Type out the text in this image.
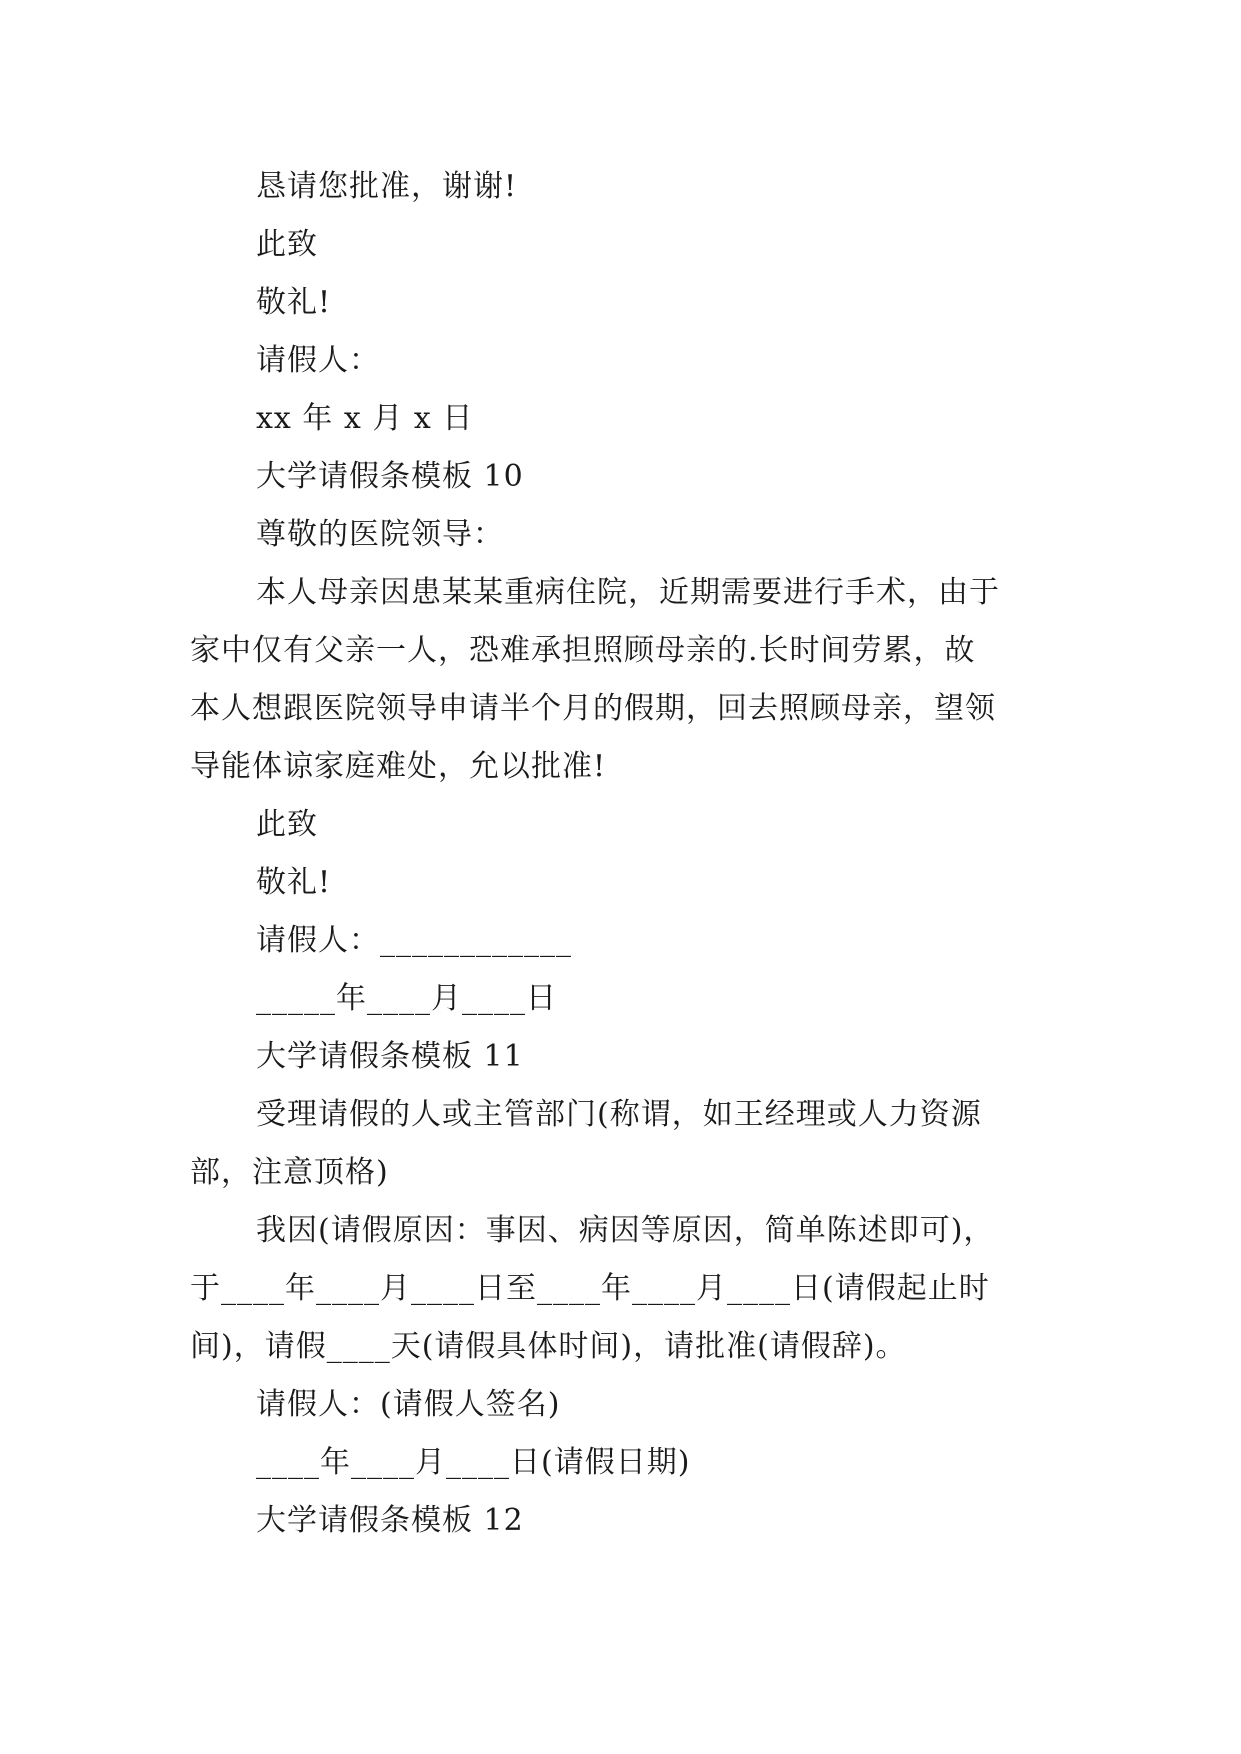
恳请您批准，谢谢!
此致
敬礼!
请假人：
xx 年 x 月 x 日
大学请假条模板 10
尊敬的医院领导：
本人母亲因患某某重病住院，近期需要进行手术，由于
家中仅有父亲一人，恐难承担照顾母亲的.长时间劳累，故
本人想跟医院领导申请半个月的假期，回去照顾母亲，望领
导能体谅家庭难处，允以批准!
此致
敬礼!
请假人：____________
_____年____月____日
大学请假条模板 11
受理请假的人或主管部门(称谓，如王经理或人力资源
部，注意顶格)
我因(请假原因：事因、病因等原因，简单陈述即可)，
于____年____月____日至____年____月____日(请假起止时
间)，请假____天(请假具体时间)，请批准(请假辞)。
请假人：(请假人签名)
____年____月____日(请假日期)
大学请假条模板 12
